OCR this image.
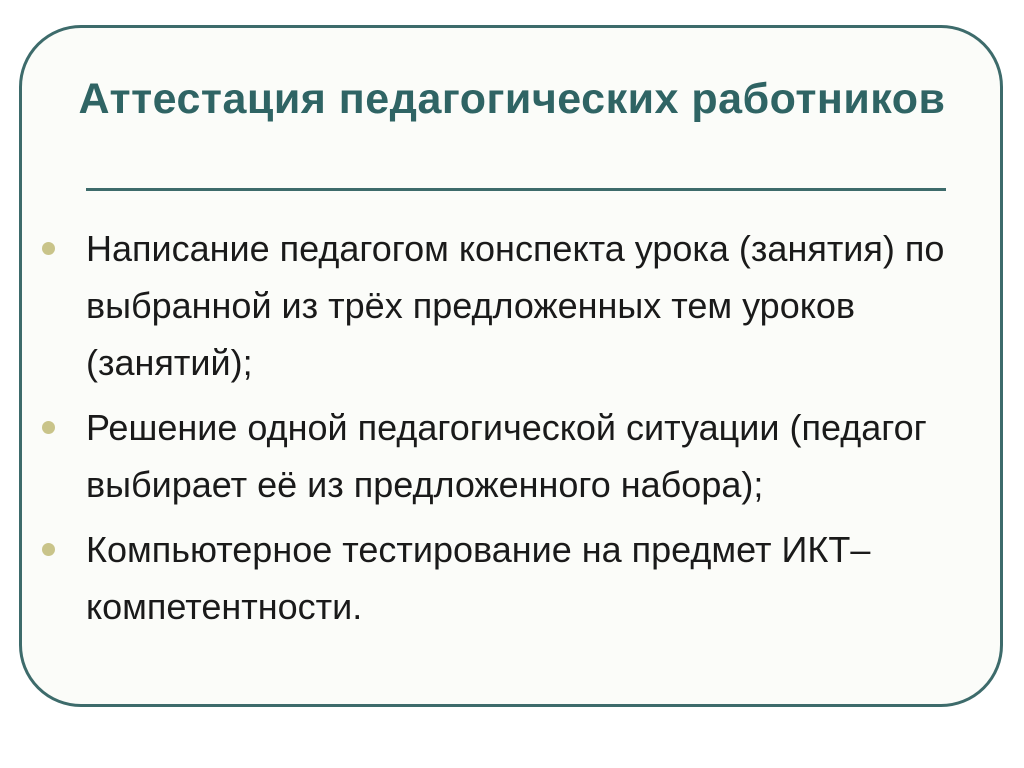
Аттестация педагогических работников
Написание педагогом конспекта урока (занятия) по выбранной из трёх предложенных тем уроков (занятий);
Решение одной педагогической ситуации (педагог выбирает её из предложенного набора);
Компьютерное тестирование на предмет ИКТ–компетентности.
